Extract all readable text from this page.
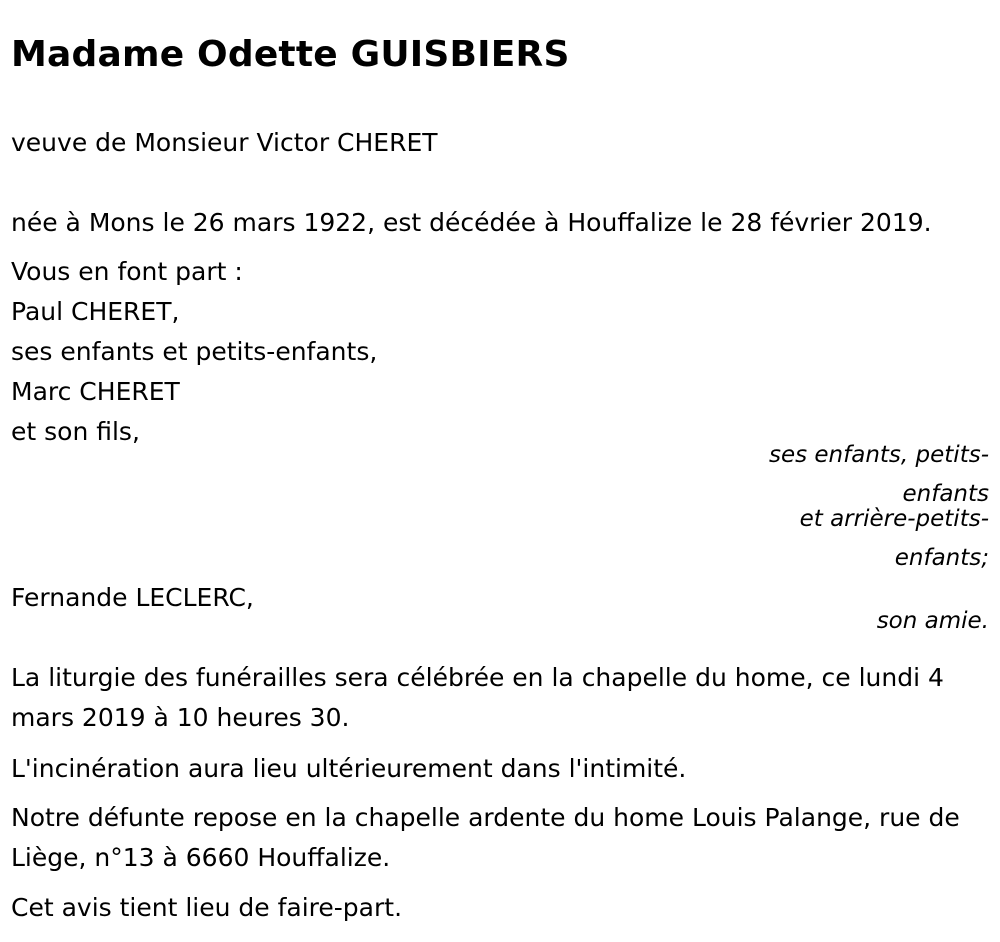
Madame Odette GUISBIERS
veuve de Monsieur Victor CHERET
née à Mons le 26 mars 1922, est décédée à Houffalize le 28 février 2019.
Vous en font part :
Paul CHERET,
ses enfants et petits-enfants,
Marc CHERET
et son fils,
ses enfants, petits-
enfants
et arrière-petits-
enfants;
Fernande LECLERC,
son amie.
La liturgie des funérailles sera célébrée en la chapelle du home, ce lundi 4 mars 2019 à 10 heures 30.
L'incinération aura lieu ultérieurement dans l'intimité.
Notre défunte repose en la chapelle ardente du home Louis Palange, rue de Liège, n°13 à 6660 Houffalize.
Cet avis tient lieu de faire-part.
